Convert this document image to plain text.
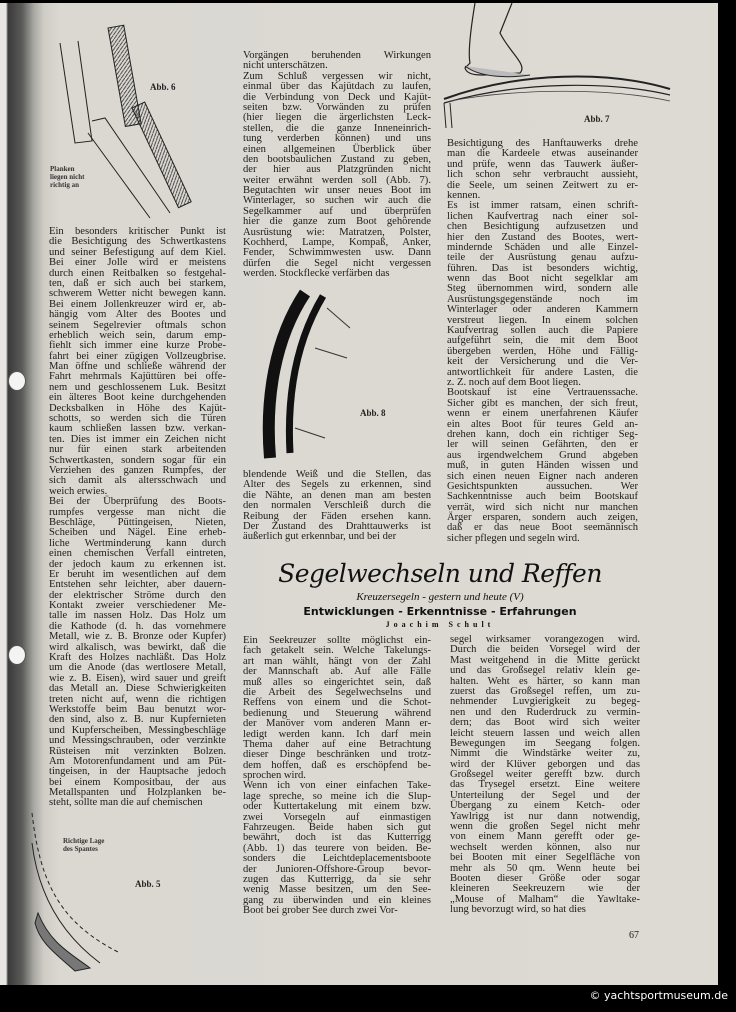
Abb. 6
Planken
liegen nicht
richtig an
Abb. 7
Abb. 8
Richtige Lage
des Spantes
Abb. 5
Ein besonders kritischer Punkt ist
die Besichtigung des Schwertkastens
und seiner Befestigung auf dem Kiel.
Bei einer Jolle wird er meistens
durch einen Reitbalken so festgehal-
ten, daß er sich auch bei starkem,
schwerem Wetter nicht bewegen kann.
Bei einem Jollenkreuzer wird er, ab-
hängig vom Alter des Bootes und
seinem Segelrevier oftmals schon
erheblich weich sein, darum emp-
fiehlt sich immer eine kurze Probe-
fahrt bei einer zügigen Vollzeugbrise.
Man öffne und schließe während der
Fahrt mehrmals Kajüttüren bei offe-
nem und geschlossenem Luk. Besitzt
ein älteres Boot keine durchgehenden
Decksbalken in Höhe des Kajüt-
schotts, so werden sich die Türen
kaum schließen lassen bzw. verkan-
ten. Dies ist immer ein Zeichen nicht
nur für einen stark arbeitenden
Schwertkasten, sondern sogar für ein
Verziehen des ganzen Rumpfes, der
sich damit als altersschwach und
weich erwies.
Bei der Überprüfung des Boots-
rumpfes vergesse man nicht die
Beschläge, Püttingeisen, Nieten,
Scheiben und Nägel. Eine erheb-
liche Wertminderung kann durch
einen chemischen Verfall eintreten,
der jedoch kaum zu erkennen ist.
Er beruht im wesentlichen auf dem
Entstehen sehr leichter, aber dauern-
der elektrischer Ströme durch den
Kontakt zweier verschiedener Me-
talle im nassen Holz. Das Holz um
die Kathode (d. h. das vornehmere
Metall, wie z. B. Bronze oder Kupfer)
wird alkalisch, was bewirkt, daß die
Kraft des Holzes nachläßt. Das Holz
um die Anode (das wertlosere Metall,
wie z. B. Eisen), wird sauer und greift
das Metall an. Diese Schwierigkeiten
treten nicht auf, wenn die richtigen
Werkstoffe beim Bau benutzt wor-
den sind, also z. B. nur Kupfernieten
und Kupferscheiben, Messingbeschläge
und Messingschrauben, oder verzinkte
Rüsteisen mit verzinkten Bolzen.
Am Motorenfundament und am Püt-
tingeisen, in der Hauptsache jedoch
bei einem Kompositbau, der aus
Metallspanten und Holzplanken be-
steht, sollte man die auf chemischen
Vorgängen beruhenden Wirkungen
nicht unterschätzen.
Zum Schluß vergessen wir nicht,
einmal über das Kajütdach zu laufen,
die Verbindung von Deck und Kajüt-
seiten bzw. Vorwänden zu prüfen
(hier liegen die ärgerlichsten Leck-
stellen, die die ganze Inneneinrich-
tung verderben können) und uns
einen allgemeinen Überblick über
den bootsbaulichen Zustand zu geben,
der hier aus Platzgründen nicht
weiter erwähnt werden soll (Abb. 7).
Begutachten wir unser neues Boot im
Winterlager, so suchen wir auch die
Segelkammer auf und überprüfen
hier die ganze zum Boot gehörende
Ausrüstung wie: Matratzen, Polster,
Kochherd, Lampe, Kompaß, Anker,
Fender, Schwimmwesten usw. Dann
dürfen die Segel nicht vergessen
werden. Stockflecke verfärben das
blendende Weiß und die Stellen, das
Alter des Segels zu erkennen, sind
die Nähte, an denen man am besten
den normalen Verschleiß durch die
Reibung der Fäden ersehen kann.
Der Zustand des Drahttauwerks ist
äußerlich gut erkennbar, und bei der
Besichtigung des Hanftauwerks drehe
man die Kardeele etwas auseinander
und prüfe, wenn das Tauwerk äußer-
lich schon sehr verbraucht aussieht,
die Seele, um seinen Zeitwert zu er-
kennen.
Es ist immer ratsam, einen schrift-
lichen Kaufvertrag nach einer sol-
chen Besichtigung aufzusetzen und
hier den Zustand des Bootes, wert-
mindernde Schäden und alle Einzel-
teile der Ausrüstung genau aufzu-
führen. Das ist besonders wichtig,
wenn das Boot nicht segelklar am
Steg übernommen wird, sondern alle
Ausrüstungsgegenstände noch im
Winterlager oder anderen Kammern
verstreut liegen. In einem solchen
Kaufvertrag sollen auch die Papiere
aufgeführt sein, die mit dem Boot
übergeben werden, Höhe und Fällig-
keit der Versicherung und die Ver-
antwortlichkeit für andere Lasten, die
z. Z. noch auf dem Boot liegen.
Bootskauf ist eine Vertrauenssache.
Sicher gibt es manchen, der sich freut,
wenn er einem unerfahrenen Käufer
ein altes Boot für teures Geld an-
drehen kann, doch ein richtiger Seg-
ler will seinen Gefährten, den er
aus irgendwelchem Grund abgeben
muß, in guten Händen wissen und
sich einen neuen Eigner nach anderen
Gesichtspunkten aussuchen. Wer
Sachkenntnisse auch beim Bootskauf
verrät, wird sich nicht nur manchen
Ärger ersparen, sondern auch zeigen,
daß er das neue Boot seemännisch
sicher pflegen und segeln wird.
Ein Seekreuzer sollte möglichst ein-
fach getakelt sein. Welche Takelungs-
art man wählt, hängt von der Zahl
der Mannschaft ab. Auf alle Fälle
muß alles so eingerichtet sein, daß
die Arbeit des Segelwechselns und
Reffens von einem und die Schot-
bedienung und Steuerung während
der Manöver vom anderen Mann er-
ledigt werden kann. Ich darf mein
Thema daher auf eine Betrachtung
dieser Dinge beschränken und trotz-
dem hoffen, daß es erschöpfend be-
sprochen wird.
Wenn ich von einer einfachen Take-
lage spreche, so meine ich die Slup-
oder Kuttertakelung mit einem bzw.
zwei Vorsegeln auf einmastigen
Fahrzeugen. Beide haben sich gut
bewährt, doch ist das Kutterrigg
(Abb. 1) das teurere von beiden. Be-
sonders die Leichtdeplacementsboote
der Junioren-Offshore-Group bevor-
zugen das Kutterrigg, da sie sehr
wenig Masse besitzen, um den See-
gang zu überwinden und ein kleines
Boot bei grober See durch zwei Vor-
segel wirksamer vorangezogen wird.
Durch die beiden Vorsegel wird der
Mast weitgehend in die Mitte gerückt
und das Großsegel relativ klein ge-
halten. Weht es härter, so kann man
zuerst das Großsegel reffen, um zu-
nehmender Luvgierigkeit zu begeg-
nen und den Ruderdruck zu vermin-
dern; das Boot wird sich weiter
leicht steuern lassen und weich allen
Bewegungen im Seegang folgen.
Nimmt die Windstärke weiter zu,
wird der Klüver geborgen und das
Großsegel weiter gerefft bzw. durch
das Trysegel ersetzt. Eine weitere
Unterteilung der Segel und der
Übergang zu einem Ketch- oder
Yawlrigg ist nur dann notwendig,
wenn die großen Segel nicht mehr
von einem Mann gerefft oder ge-
wechselt werden können, also nur
bei Booten mit einer Segelfläche von
mehr als 50 qm. Wenn heute bei
Booten dieser Größe oder sogar
kleineren Seekreuzern wie der
„Mouse of Malham“ die Yawltake-
lung bevorzugt wird, so hat dies
Segelwechseln und Reffen
Kreuzersegeln - gestern und heute (V)
Entwicklungen - Erkenntnisse - Erfahrungen
Joachim Schult
67
© yachtsportmuseum.de
